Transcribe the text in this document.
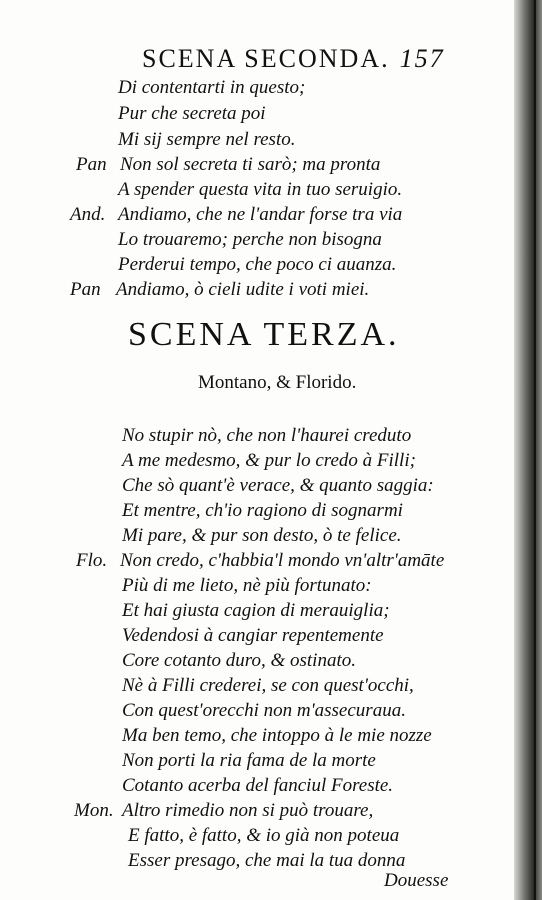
SCENA SECONDA. 157
Di contentarti in questo;
Pur che secreta poi
Mi sij sempre nel resto.
Pan Non sol secreta ti sarò; ma pronta
A spender questa vita in tuo seruigio.
And. Andiamo, che ne l'andar forse tra via
Lo trouaremo; perche non bisogna
Perderui tempo, che poco ci auanza.
Pan Andiamo, ò cieli udite i voti miei.
SCENA TERZA.
Montano, & Florido.
No stupir nò, che non l'haurei creduto
A me medesmo, & pur lo credo à Filli;
Che sò quant'è verace, & quanto saggia:
Et mentre, ch'io ragiono di sognarmi
Mi pare, & pur son desto, ò te felice.
Flo. Non credo, c'habbia'l mondo vn'altr'amāte
Più di me lieto, nè più fortunato:
Et hai giusta cagion di merauiglia;
Vedendosi à cangiar repentemente
Core cotanto duro, & ostinato.
Nè à Filli crederei, se con quest'occhi,
Con quest'orecchi non m'assecuraua.
Ma ben temo, che intoppo à le mie nozze
Non porti la ria fama de la morte
Cotanto acerba del fanciul Foreste.
Mon. Altro rimedio non si può trouare,
E fatto, è fatto, & io già non poteua
Esser presago, che mai la tua donna
Douesse
